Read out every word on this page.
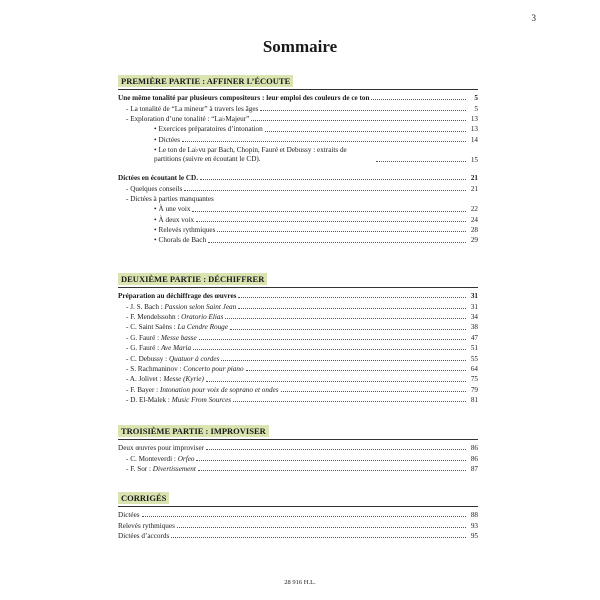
3
Sommaire
PREMIÈRE PARTIE : AFFINER L’ÉCOUTE
Une même tonalité par plusieurs compositeurs : leur emploi des couleurs de ce ton	5
- La tonalité de “La mineur” à travers les âges	5
- Exploration d’une tonalité : “La♭Majeur”	13
• Exercices préparatoires d’intonation	13
• Dictées	14
• Le ton de La♭vu par Bach, Chopin, Fauré et Debussy : extraits de partitions (suivre en écoutant le CD).	15
Dictées en écoutant le CD.	21
- Quelques conseils	21
- Dictées à parties manquantes
• À une voix	22
• À deux voix	24
• Relevés rythmiques	28
• Chorals de Bach	29
DEUXIÈME PARTIE : DÉCHIFFRER
Préparation au déchiffrage des œuvres	31
- J. S. Bach : Passion selon Saint Jean	31
- F. Mendelssohn : Oratorio Elias	34
- C. Saint Saëns : La Cendre Rouge	38
- G. Fauré : Messe basse	47
- G. Fauré : Ave Maria	51
- C. Debussy : Quatuor à cordes	55
- S. Rachmaninov : Concerto pour piano	64
- A. Jolivet : Messe (Kyrie)	75
- F. Bayer : Intonation pour voix de soprano et ondes	79
- D. El-Malek : Music From Sources	81
TROISIÈME PARTIE : IMPROVISER
Deux œuvres pour improviser	86
- C. Monteverdi : Orfeo	86
- F. Sor : Divertissement	87
CORRIGÉS
Dictées	88
Relevés rythmiques	93
Dictées d’accords	95
28 916 H.L.
